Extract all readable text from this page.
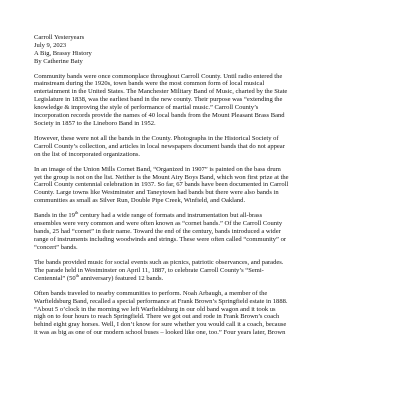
Carroll Yesteryears
July 9, 2023
A Big, Brassy History
By Catherine Baty
Community bands were once commonplace throughout Carroll County. Until radio entered the
mainstream during the 1920s, town bands were the most common form of local musical
entertainment in the United States. The Manchester Military Band of Music, charted by the State
Legislature in 1838, was the earliest band in the new county. Their purpose was “extending the
knowledge & improving the style of performance of martial music.” Carroll County’s
incorporation records provide the names of 40 local bands from the Mount Pleasant Brass Band
Society in 1857 to the Lineboro Band in 1952.
However, these were not all the bands in the County. Photographs in the Historical Society of
Carroll County’s collection, and articles in local newspapers document bands that do not appear
on the list of incorporated organizations.
In an image of the Union Mills Cornet Band, “Organized in 1907” is painted on the bass drum
yet the group is not on the list. Neither is the Mount Airy Boys Band, which won first prize at the
Carroll County centennial celebration in 1937. So far, 67 bands have been documented in Carroll
County. Large towns like Westminster and Taneytown had bands but there were also bands in
communities as small as Silver Run, Double Pipe Creek, Winfield, and Oakland.
Bands in the 19th century had a wide range of formats and instrumentation but all-brass
ensembles were very common and were often known as “cornet bands.” Of the Carroll County
bands, 25 had “cornet” in their name. Toward the end of the century, bands introduced a wider
range of instruments including woodwinds and strings. These were often called “community” or
“concert” bands.
The bands provided music for social events such as picnics, patriotic observances, and parades.
The parade held in Westminster on April 11, 1887, to celebrate Carroll County’s “Semi-
Centennial” (50th anniversary) featured 12 bands.
Often bands traveled to nearby communities to perform. Noah Arbaugh, a member of the
Warfieldsburg Band, recalled a special performance at Frank Brown’s Springfield estate in 1888.
“About 5 o’clock in the morning we left Warfieldsburg in our old band wagon and it took us
nigh on to four hours to reach Springfield. There we got out and rode in Frank Brown’s coach
behind eight gray horses. Well, I don’t know for sure whether you would call it a coach, because
it was as big as one of our modern school buses – looked like one, too.” Four years later, Brown
